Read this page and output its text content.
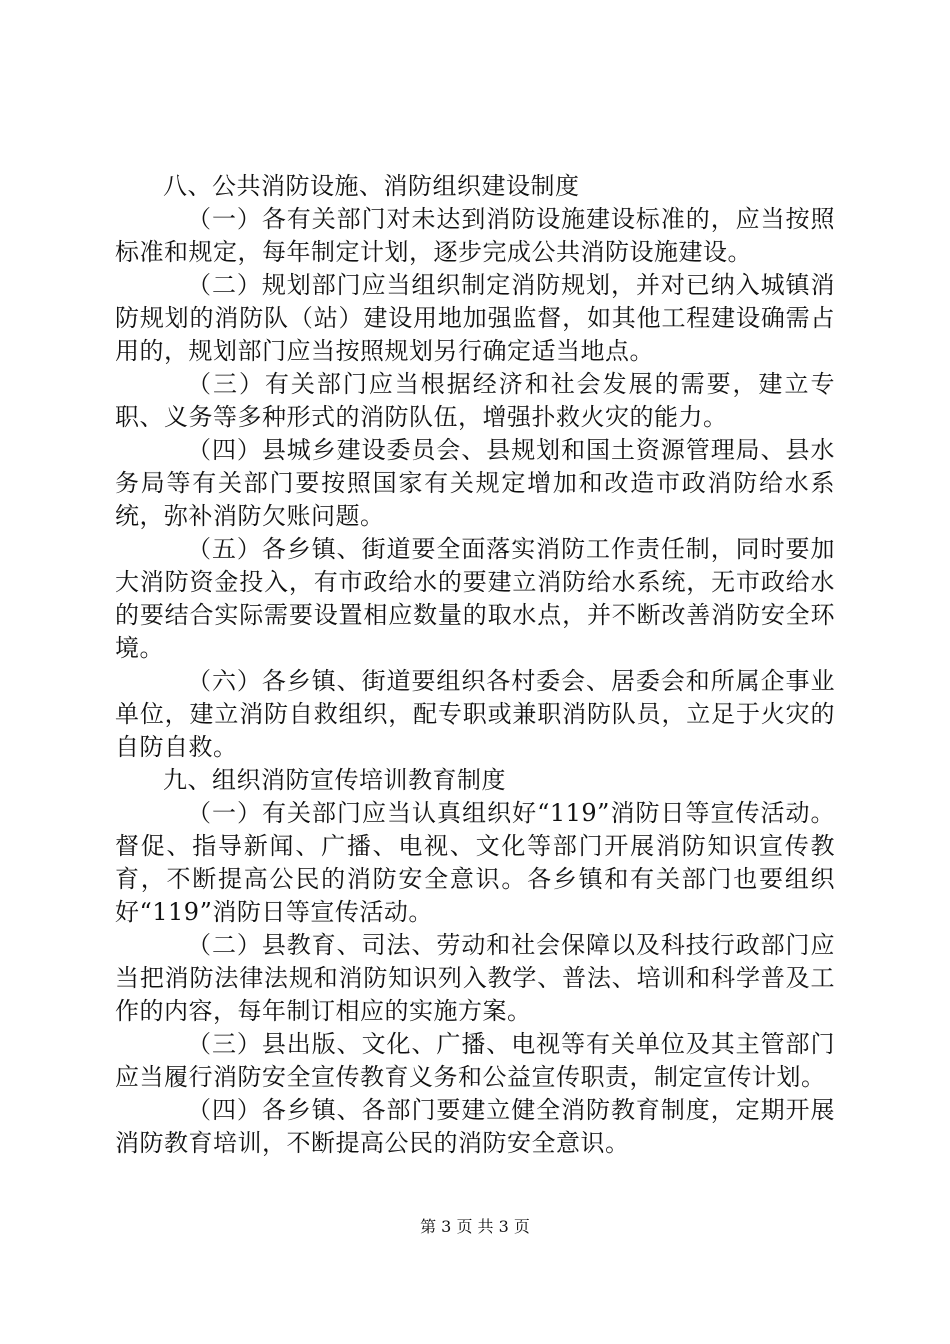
八、公共消防设施、消防组织建设制度

（一）各有关部门对未达到消防设施建设标准的，应当按照标准和规定，每年制定计划，逐步完成公共消防设施建设。

（二）规划部门应当组织制定消防规划，并对已纳入城镇消防规划的消防队（站）建设用地加强监督，如其他工程建设确需占用的，规划部门应当按照规划另行确定适当地点。

（三）有关部门应当根据经济和社会发展的需要，建立专职、义务等多种形式的消防队伍，增强扑救火灾的能力。

（四）县城乡建设委员会、县规划和国土资源管理局、县水务局等有关部门要按照国家有关规定增加和改造市政消防给水系统，弥补消防欠账问题。

（五）各乡镇、街道要全面落实消防工作责任制，同时要加大消防资金投入，有市政给水的要建立消防给水系统，无市政给水的要结合实际需要设置相应数量的取水点，并不断改善消防安全环境。

（六）各乡镇、街道要组织各村委会、居委会和所属企事业单位，建立消防自救组织，配专职或兼职消防队员，立足于火灾的自防自救。

九、组织消防宣传培训教育制度

（一）有关部门应当认真组织好“119”消防日等宣传活动。督促、指导新闻、广播、电视、文化等部门开展消防知识宣传教育，不断提高公民的消防安全意识。各乡镇和有关部门也要组织好“119”消防日等宣传活动。

（二）县教育、司法、劳动和社会保障以及科技行政部门应当把消防法律法规和消防知识列入教学、普法、培训和科学普及工作的内容，每年制订相应的实施方案。

（三）县出版、文化、广播、电视等有关单位及其主管部门应当履行消防安全宣传教育义务和公益宣传职责，制定宣传计划。

（四）各乡镇、各部门要建立健全消防教育制度，定期开展消防教育培训，不断提高公民的消防安全意识。

第 3 页 共 3 页
